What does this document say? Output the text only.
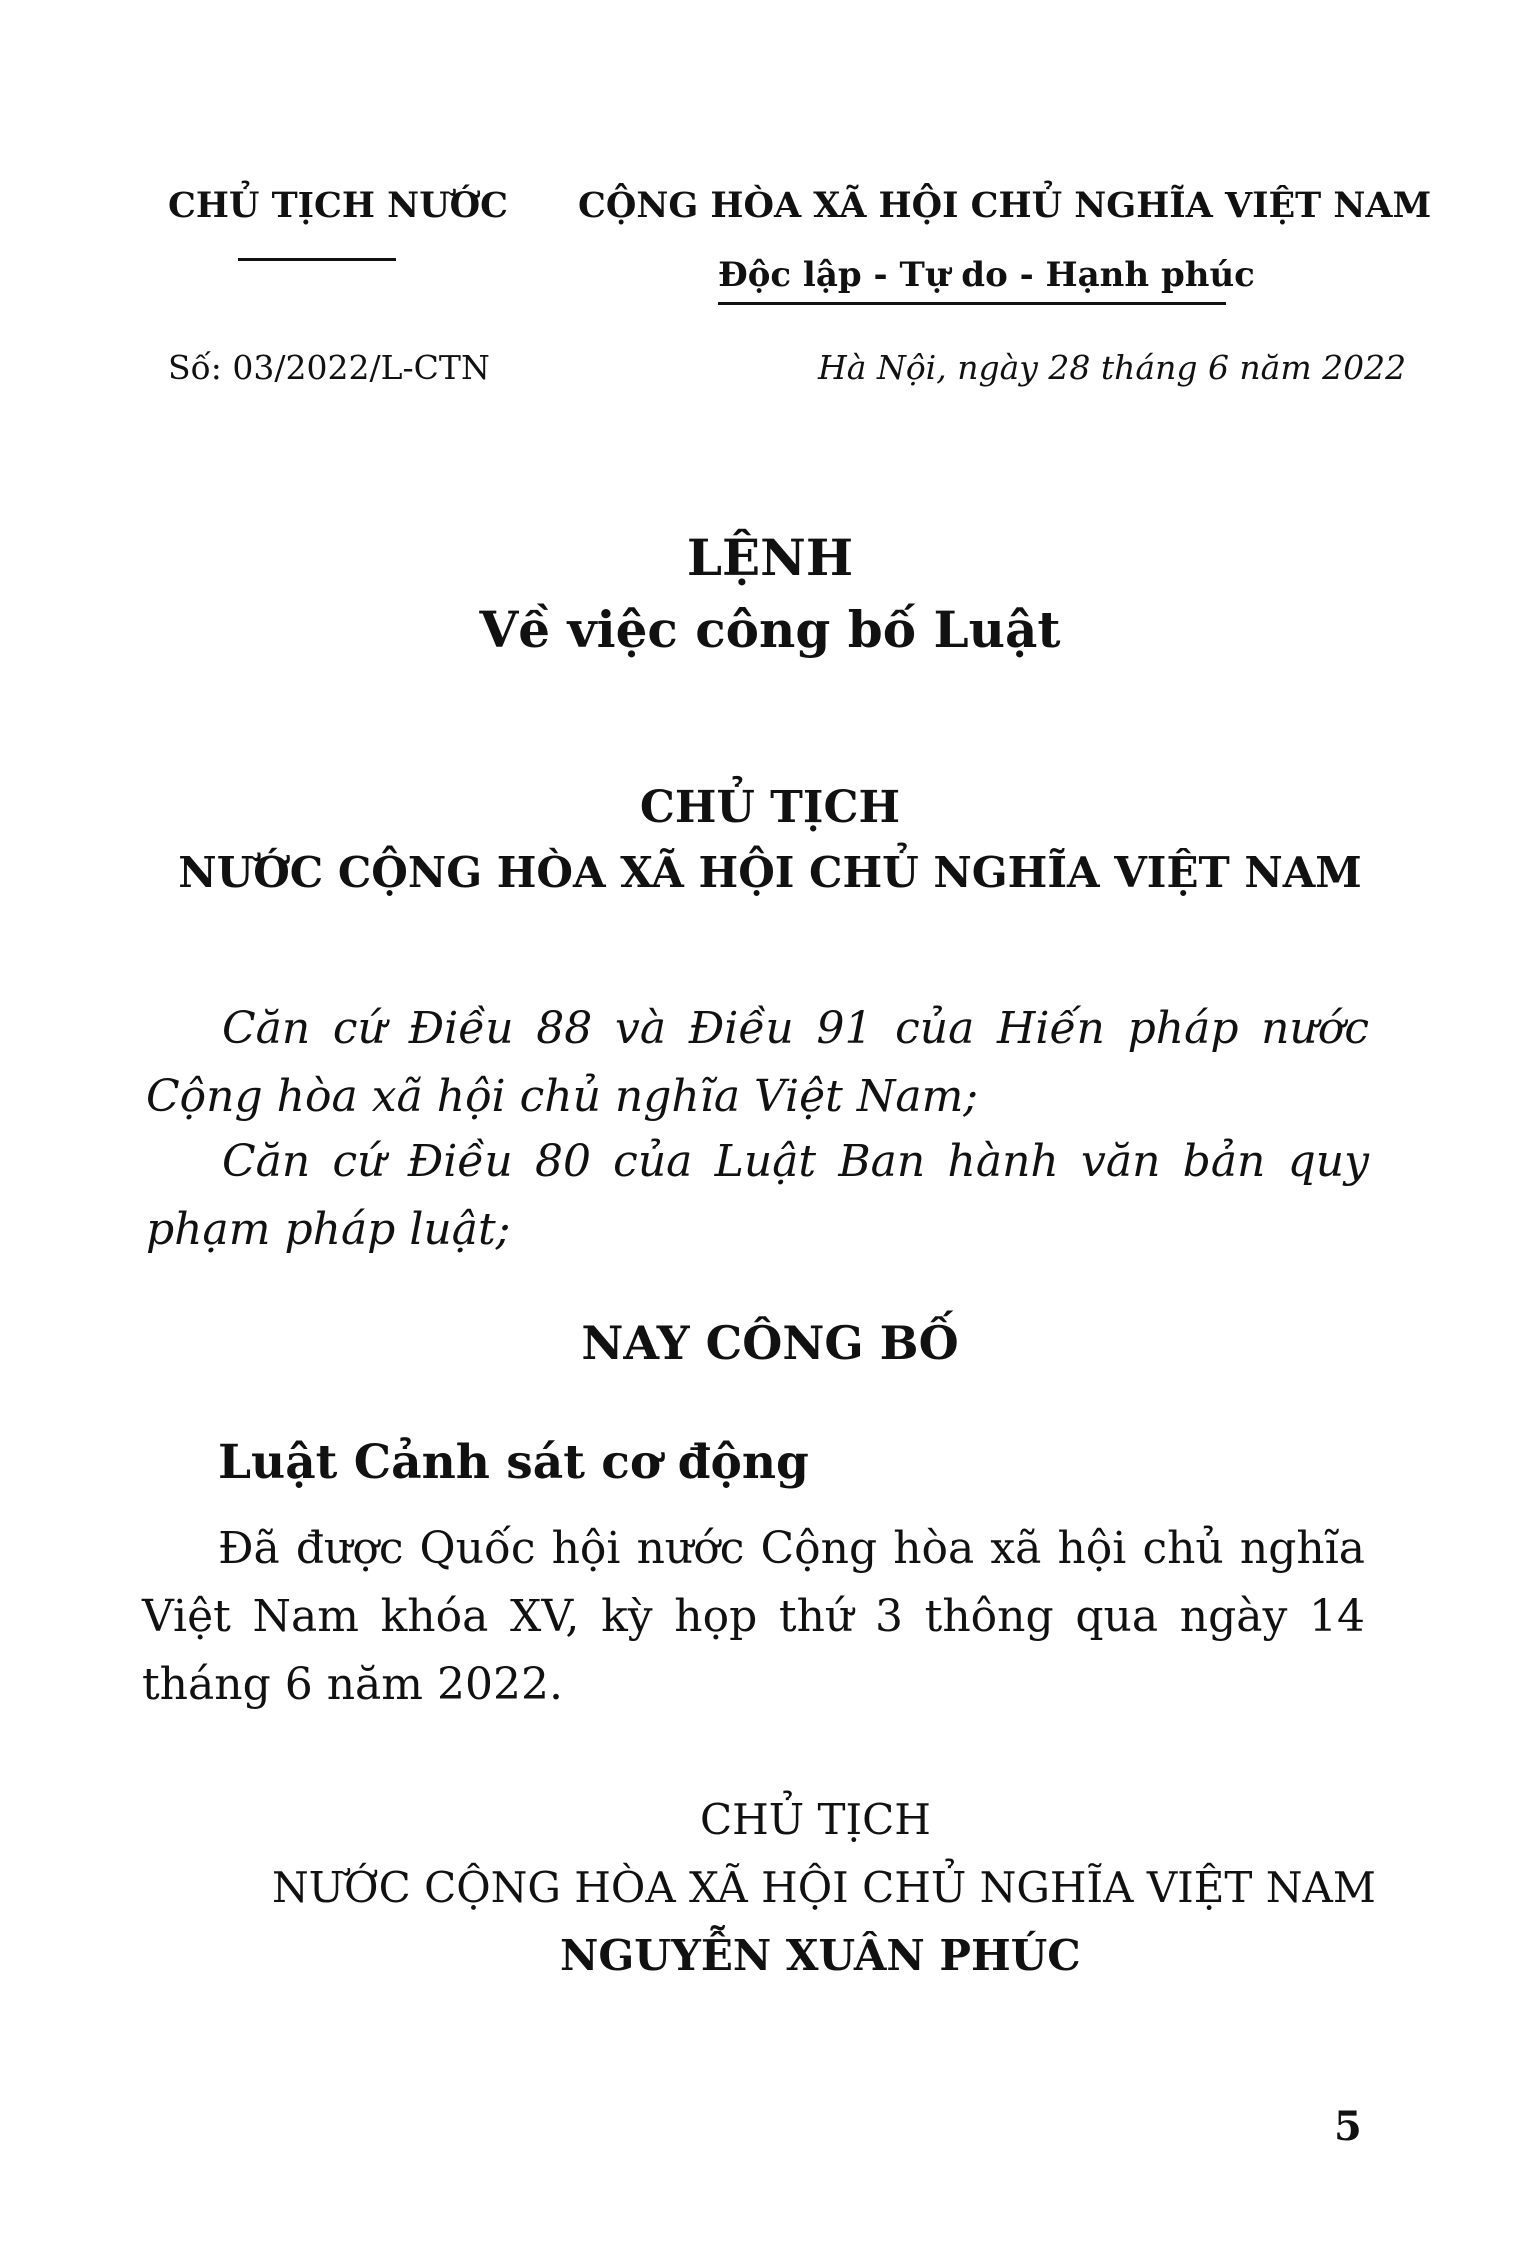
CHỦ TỊCH NƯỚC CỘNG HÒA XÃ HỘI CHỦ NGHĨA VIỆT NAM
Độc lập - Tự do - Hạnh phúc
Số: 03/2022/L-CTN	Hà Nội, ngày 28 tháng 6 năm 2022
LỆNH
Về việc công bố Luật
CHỦ TỊCH
NƯỚC CỘNG HÒA XÃ HỘI CHỦ NGHĨA VIỆT NAM
Căn cứ Điều 88 và Điều 91 của Hiến pháp nước
Cộng hòa xã hội chủ nghĩa Việt Nam;
Căn cứ Điều 80 của Luật Ban hành văn bản quy
phạm pháp luật;
NAY CÔNG BỐ
Luật Cảnh sát cơ động
Đã được Quốc hội nước Cộng hòa xã hội chủ nghĩa
Việt Nam khóa XV, kỳ họp thứ 3 thông qua ngày 14
tháng 6 năm 2022.
CHỦ TỊCH
NƯỚC CỘNG HÒA XÃ HỘI CHỦ NGHĨA VIỆT NAM
NGUYỄN XUÂN PHÚC
5
